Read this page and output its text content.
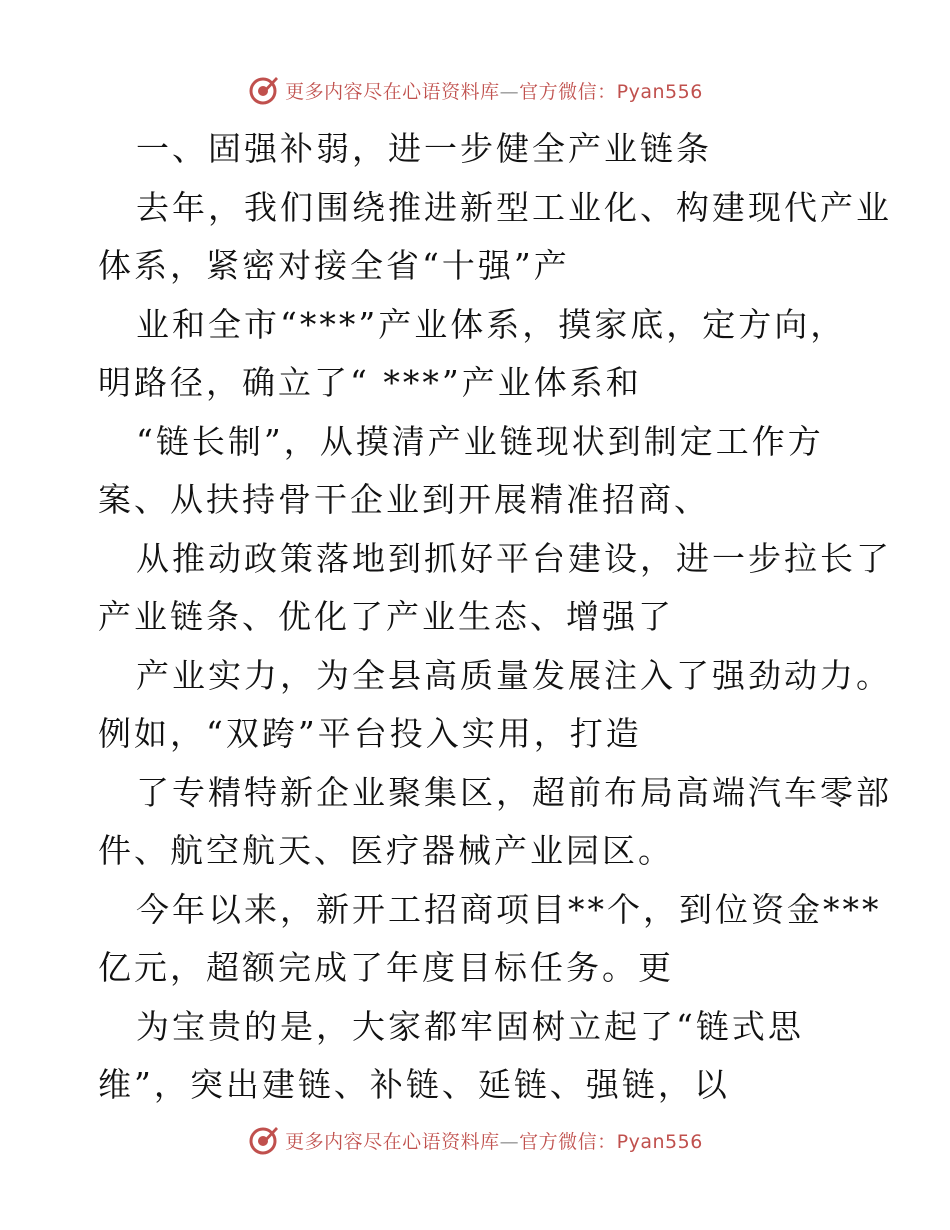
更多内容尽在心语资料库—官方微信：Pyan556
一、固强补弱，进一步健全产业链条
去年，我们围绕推进新型工业化、构建现代产业
体系，紧密对接全省“十强”产
业和全市“***”产业体系，摸家底，定方向，
明路径，确立了“ ***”产业体系和
“链长制”，从摸清产业链现状到制定工作方
案、从扶持骨干企业到开展精准招商、
从推动政策落地到抓好平台建设，进一步拉长了
产业链条、优化了产业生态、增强了
产业实力，为全县高质量发展注入了强劲动力。
例如，“双跨”平台投入实用，打造
了专精特新企业聚集区，超前布局高端汽车零部
件、航空航天、医疗器械产业园区。
今年以来，新开工招商项目**个，到位资金***
亿元，超额完成了年度目标任务。更
为宝贵的是，大家都牢固树立起了“链式思
维”，突出建链、补链、延链、强链，以
更多内容尽在心语资料库—官方微信：Pyan556
